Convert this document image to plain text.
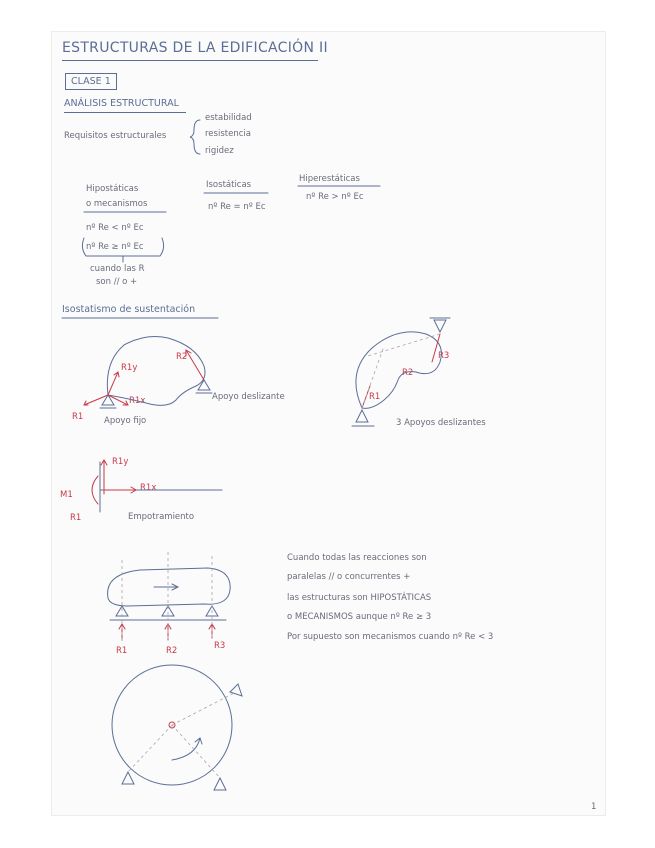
ESTRUCTURAS DE LA EDIFICACIÓN II
CLASE 1
ANÁLISIS ESTRUCTURAL
Requisitos estructurales
estabilidad
resistencia
rigidez
Hipostáticas
o mecanismos
nº Re < nº Ec
nº Re ≥ nº Ec
cuando las R
son // o +
Isostáticas
nº Re = nº Ec
Hiperestáticas
nº Re > nº Ec
Isostatismo de sustentación
R1y
R1x
R1
R2
Apoyo fijo
Apoyo deslizante	R1
R2
R3
3 Apoyos deslizantes
R1y
R1x
M1
R1	Empotramiento
R1	R2	R3
Cuando todas las reacciones son
paralelas // o concurrentes +
las estructuras son HIPOSTÁTICAS
o MECANISMOS aunque nº Re ≥ 3
Por supuesto son mecanismos cuando nº Re < 3
1
